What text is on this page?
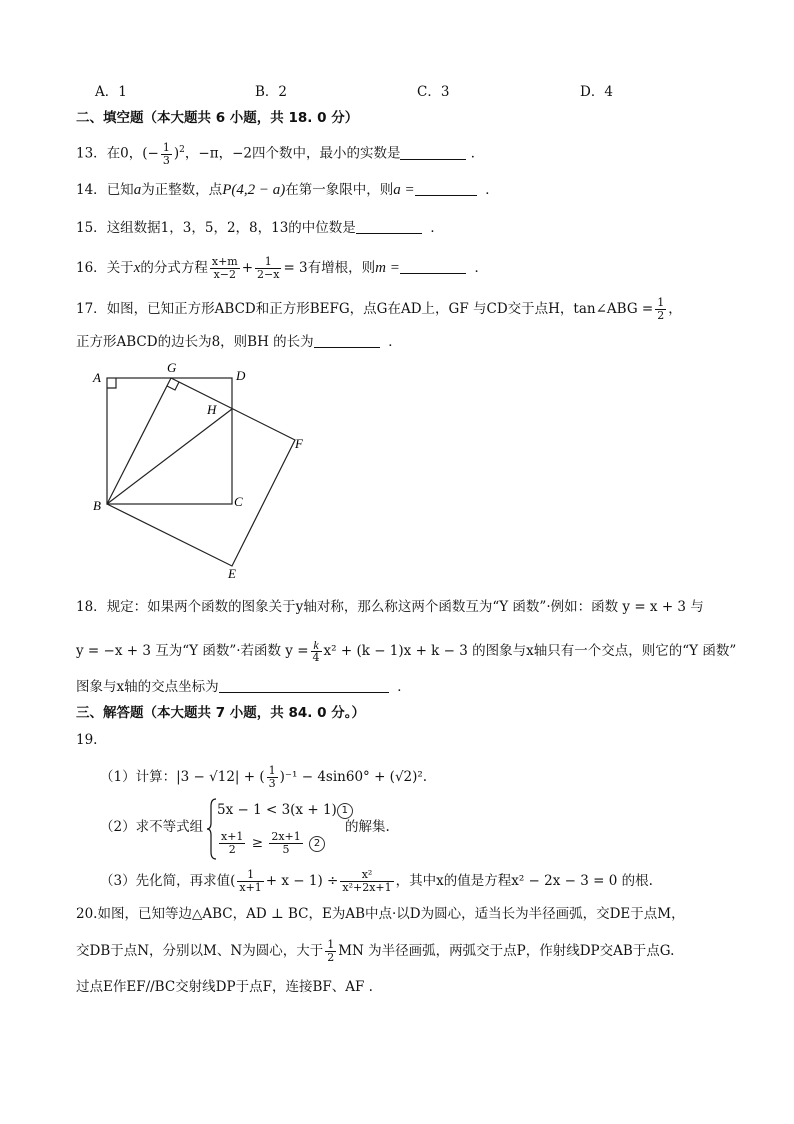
A．1	B．2	C．3	D．4
二、填空题（本大题共 6 小题，共 18. 0 分）
13．在0，(− $\frac{1}{3} )^2$，−π，−2四个数中，最小的实数是	．
14．已知a为正整数，点P(4,2 − a)在第一象限中，则a =	．
15．这组数据1，3，5，2，8，13的中位数是	．
16．关于x的分式方程 $\frac{x+m}{x-2} + \frac{1}{2-x} = 3$有增根，则m =	．
17．如图，已知正方形ABCD和正方形BEFG，点G在AD上，GF 与CD交于点H，tan∠ABG = $\frac{1}{2}$ ，
正方形ABCD的边长为8，则BH 的长为	．
A
G
D
H
F
B	C
E
18．规定：如果两个函数的图象关于y轴对称，那么称这两个函数互为“Y 函数”·例如：函数 y = x + 3 与
y = −x + 3 互为“Y 函数”·若函数 $y = \frac{k}{4} x^2 + (k - 1)x + k - 3$ 的图象与x轴只有一个交点，则它的“Y 函数”
图象与x轴的交点坐标为	．
三、解答题（本大题共 7 小题，共 84. 0 分。）
19.
（1）计算：|3 − √12| + ( $\frac{1}{3} )^{-1} - 4\sin 60^\circ + (√2)^2$.
（2）求不等式组
5x − 1 < 3(x + 1) 1
$\frac{x+1}{2} \ge \frac{2x+1}{5} 2$
的解集.
（3）先化简，再求值( $\frac{1}{x+1} + x - 1) \div \frac{\text{x²}}{\text{x²+2x+1}}$ ，其中x的值是方程x² − 2x − 3 = 0 的根.
20.如图，已知等边△ABC，AD ⊥ BC，E为AB中点·以D为圆心，适当长为半径画弧，交DE于点M，
交DB于点N，分别以M、N为圆心，大于 $\frac{1}{2}$ MN 为半径画弧，两弧交于点P，作射线DP交AB于点G.
过点E作EF//BC交射线DP于点F，连接BF、AF .
